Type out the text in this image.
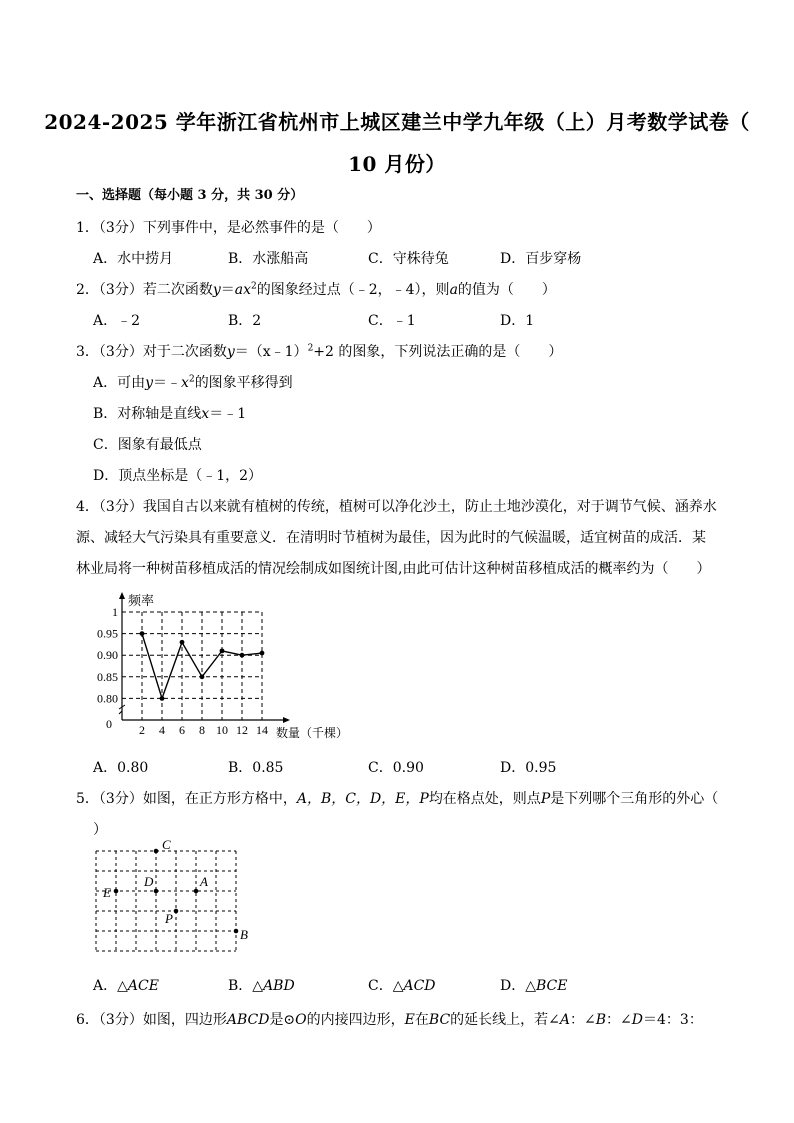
2024-2025 学年浙江省杭州市上城区建兰中学九年级（上）月考数学试卷（
10 月份）
一、选择题（每小题 3 分，共 30 分）
1．（3分）下列事件中，是必然事件的是（　　）
A．水中捞月	B．水涨船高	C．守株待兔	D．百步穿杨
2．（3分）若二次函数$y=ax^2$的图象经过点（﹣2，﹣4），则a的值为（　　）
A．﹣2	B．2	C．﹣1	D．1
3．（3分）对于二次函数y＝（x﹣1）$^2$+2 的图象，下列说法正确的是（　　）
A．可由$y=﹣x^2$的图象平移得到
B．对称轴是直线x＝﹣1
C．图象有最低点
D．顶点坐标是（﹣1，2）
4．（3分）我国自古以来就有植树的传统，植树可以净化沙土，防止土地沙漠化，对于调节气候、涵养水
源、减轻大气污染具有重要意义．在清明时节植树为最佳，因为此时的气候温暖，适宜树苗的成活．某
林业局将一种树苗移植成活的情况绘制成如图统计图,由此可估计这种树苗移植成活的概率约为（　　）
2 4 6 8 10 12 14
0.80
0.85
0.90
0.95
1
频率
数量（千棵）
0
A．0.80	B．0.85	C．0.90	D．0.95
5．（3分）如图，在正方形方格中，A，B，C，D，E，P均在格点处，则点P是下列哪个三角形的外心（
）
C
D	A
E
P
B
A．△ACE	B．△ABD	C．△ACD	D．△BCE
6．（3分）如图，四边形ABCD是⊙O的内接四边形，E在BC的延长线上，若∠A：∠B：∠D＝4：3：
